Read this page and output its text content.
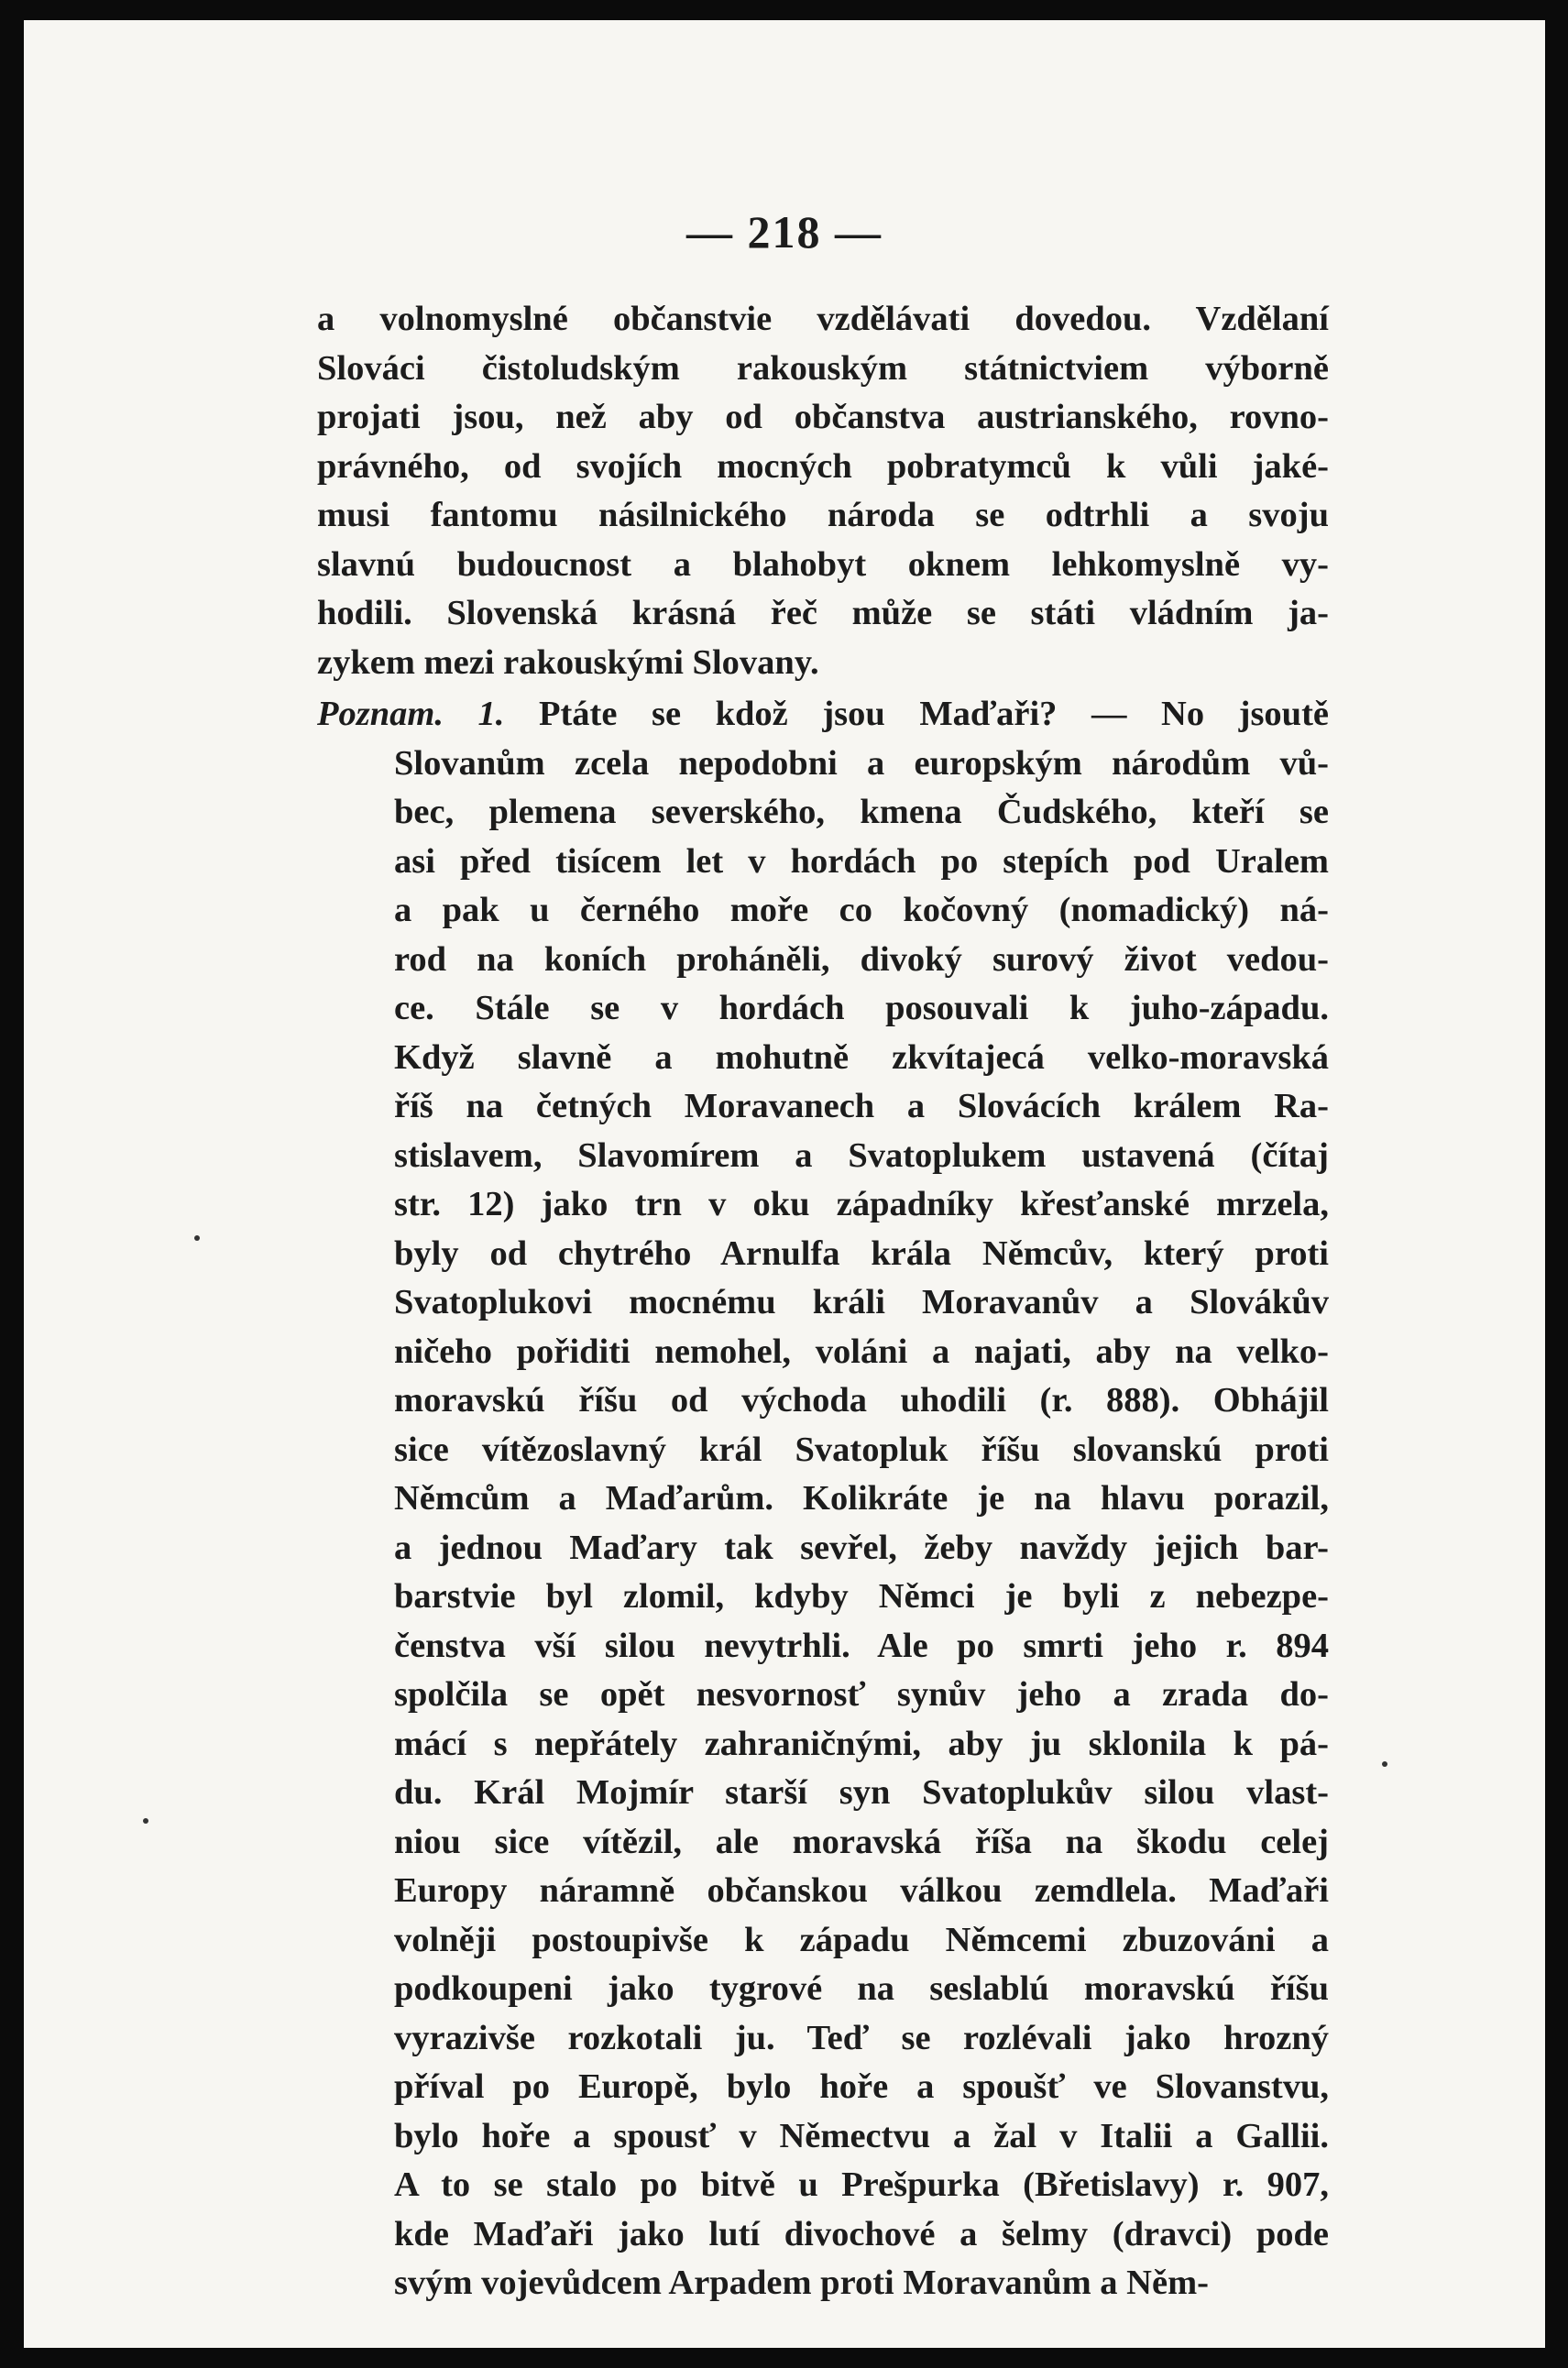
— 218 —
a volnomyslné občanstvie vzdělávati dovedou. Vzdělaní
Slováci čistoludským rakouským státnictviem výborně
projati jsou, než aby od občanstva austrianského, rovno-
právného, od svojích mocných pobratymců k vůli jaké-
musi fantomu násilnického národa se odtrhli a svoju
slavnú budoucnost a blahobyt oknem lehkomyslně vy-
hodili. Slovenská krásná řeč může se státi vládním ja-
zykem mezi rakouskými Slovany.
Poznam. 1. Ptáte se kdož jsou Maďaři? — No jsoutě
Slovanům zcela nepodobni a europským národům vů-
bec, plemena severského, kmena Čudského, kteří se
asi před tisícem let v hordách po stepích pod Uralem
a pak u černého moře co kočovný (nomadický) ná-
rod na koních proháněli, divoký surový život vedou-
ce. Stále se v hordách posouvali k juho-západu.
Když slavně a mohutně zkvítajecá velko-moravská
říš na četných Moravanech a Slovácích králem Ra-
stislavem, Slavomírem a Svatoplukem ustavená (čítaj
str. 12) jako trn v oku západníky křesťanské mrzela,
byly od chytrého Arnulfa krála Němcův, který proti
Svatoplukovi mocnému králi Moravanův a Slovákův
ničeho pořiditi nemohel, voláni a najati, aby na velko-
moravskú říšu od východa uhodili (r. 888). Obhájil
sice vítězoslavný král Svatopluk říšu slovanskú proti
Němcům a Maďarům. Kolikráte je na hlavu porazil,
a jednou Maďary tak sevřel, žeby navždy jejich bar-
barstvie byl zlomil, kdyby Němci je byli z nebezpe-
čenstva vší silou nevytrhli. Ale po smrti jeho r. 894
spolčila se opět nesvornosť synův jeho a zrada do-
mácí s nepřátely zahraničnými, aby ju sklonila k pá-
du. Král Mojmír starší syn Svatoplukův silou vlast-
niou sice vítězil, ale moravská říša na škodu celej
Europy náramně občanskou válkou zemdlela. Maďaři
volněji postoupivše k západu Němcemi zbuzováni a
podkoupeni jako tygrové na seslablú moravskú říšu
vyrazivše rozkotali ju. Teď se rozlévali jako hrozný
příval po Europě, bylo hoře a spoušť ve Slovanstvu,
bylo hoře a spousť v Němectvu a žal v Italii a Gallii.
A to se stalo po bitvě u Prešpurka (Břetislavy) r. 907,
kde Maďaři jako lutí divochové a šelmy (dravci) pode
svým vojevůdcem Arpadem proti Moravanům a Něm-
